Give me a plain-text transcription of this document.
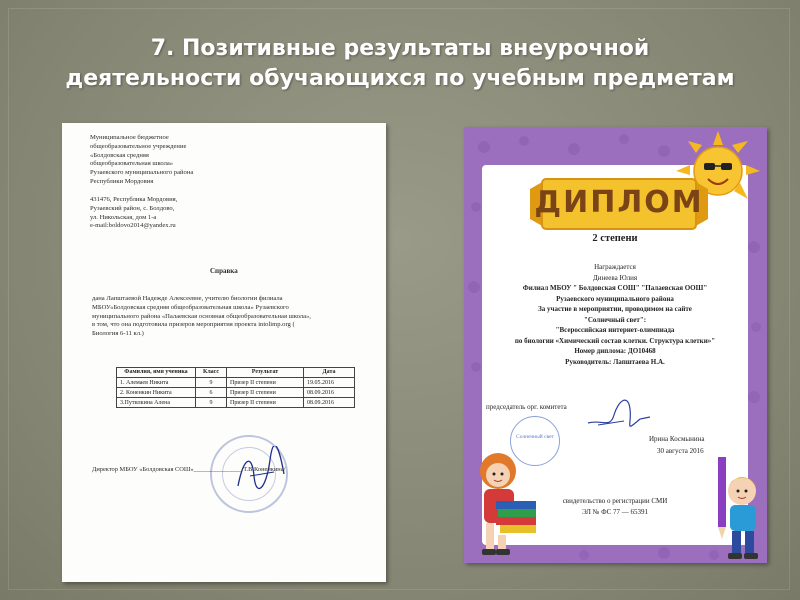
7. Позитивные результаты внеурочной
деятельности обучающихся по учебным предметам
Муниципальное бюджетное
общеобразовательное учреждение
«Болдовская средняя
общеобразовательная школа»
Рузаевского муниципального района
Республики Мордовия
431476, Республика Мордовия,
Рузаевский район, с. Болдово,
ул. Никольская, дом 1-а
e-mail:boldovo2014@yandex.ru
Справка
дана Лапштаевой Надежде Алексеевне, учителю биологии филиала
МБОУ«Болдовская средняя общеобразовательная школа» Рузаевского
муниципального района «Палаевская основная общеобразовательная школа»,
в том, что она подготовила призеров мероприятия проекта intolimp.org (
Биология 6-11 кл.)
Фамилия, имя ученика	Класс	Результат	Дата
1. Алемаев Никита	9	Призер II степени	19.05.2016
2. Коненкин Никита	6	Призер II степени	08.09.2016
3.Путилкина Алена	9	Призер II степени	08.09.2016
Директор МБОУ «Болдовская СОШ»_______________/Т.В.Коненкина/
ДИПЛОМ
2 степени
Награждается
Динеева Юлия
Филиал МБОУ " Болдовская СОШ" "Палаевская ООШ"
Рузаевского муниципального района
За участие в мероприятии, проводимом на сайте
"Солнечный свет":
"Всероссийская интернет-олимпиада
по биологии «Химический состав клетки. Структура клетки»"
Номер диплома: ДО10468
Руководитель: Лапштаева Н.А.
председатель орг. комитета
Солнечный свет	Ирина Космынина
30 августа 2016
свидетельство о регистрации СМИ
ЭЛ № ФС 77 — 65391
